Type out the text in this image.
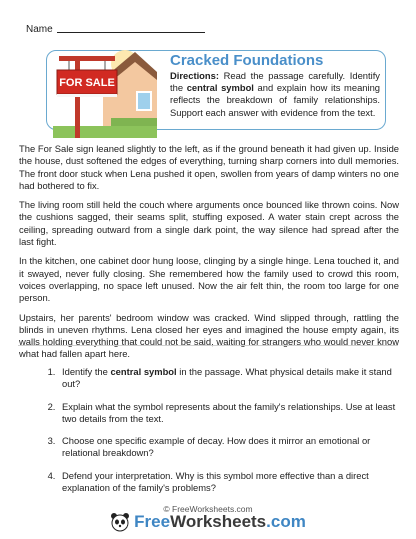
Name
FOR SALE
Cracked Foundations
Directions: Read the passage carefully. Identify the central symbol and explain how its meaning reflects the breakdown of family relationships. Support each answer with evidence from the text.

The For Sale sign leaned slightly to the left, as if the ground beneath it had given up. Inside the house, dust softened the edges of everything, turning sharp corners into dull memories. The front door stuck when Lena pushed it open, swollen from years of damp winters no one had bothered to fix.

The living room still held the couch where arguments once bounced like thrown coins. Now the cushions sagged, their seams split, stuffing exposed. A water stain crept across the ceiling, spreading outward from a single dark point, the way silence had spread after the last fight.

In the kitchen, one cabinet door hung loose, clinging by a single hinge. Lena touched it, and it swayed, never fully closing. She remembered how the family used to crowd this room, voices overlapping, no space left unused. Now the air felt thin, the room too large for one person.

Upstairs, her parents' bedroom window was cracked. Wind slipped through, rattling the blinds in uneven rhythms. Lena closed her eyes and imagined the house empty again, its walls holding everything that could not be said, waiting for strangers who would never know what had fallen apart here.

1. Identify the central symbol in the passage. What physical details make it stand out?
2. Explain what the symbol represents about the family's relationships. Use at least two details from the text.
3. Choose one specific example of decay. How does it mirror an emotional or relational breakdown?
4. Defend your interpretation. Why is this symbol more effective than a direct explanation of the family's problems?
© FreeWorksheets.com
FreeWorksheets.com
